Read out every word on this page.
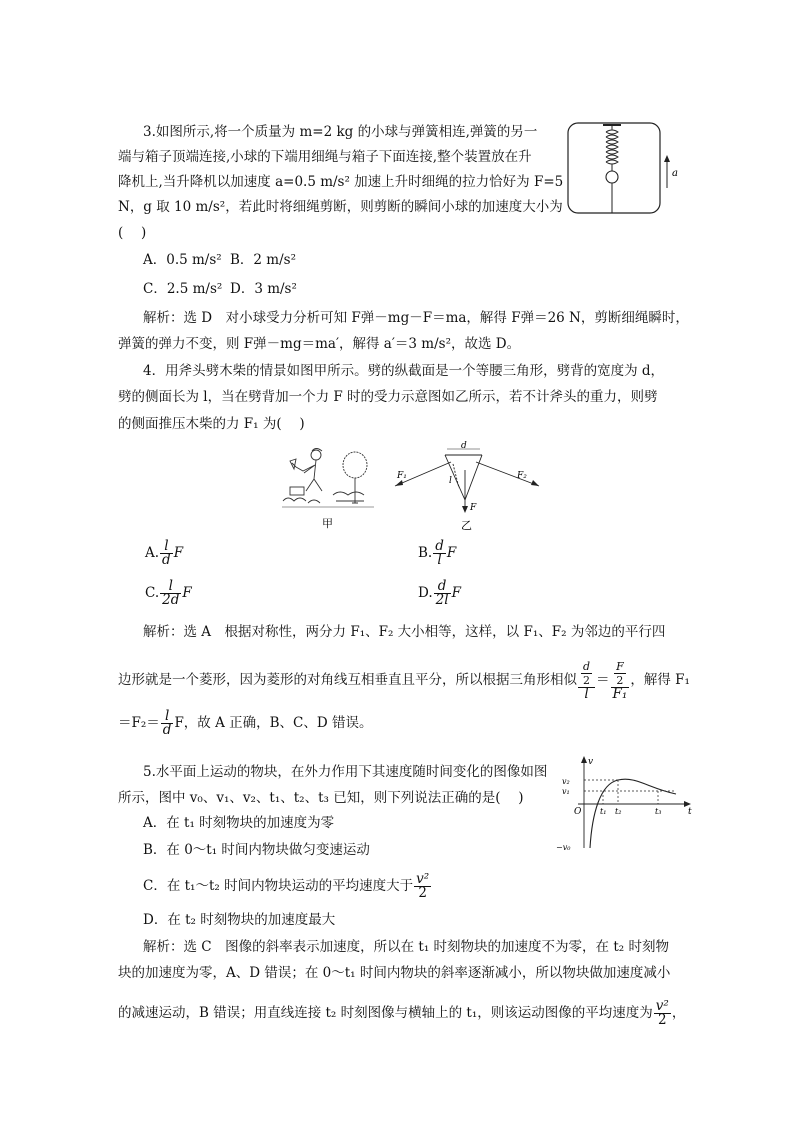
3.如图所示,将一个质量为 m=2 kg 的小球与弹簧相连,弹簧的另一
端与箱子顶端连接,小球的下端用细绳与箱子下面连接,整个装置放在升
降机上,当升降机以加速度 a=0.5 m/s² 加速上升时细绳的拉力恰好为 F=5
N，g 取 10 m/s²，若此时将细绳剪断，则剪断的瞬间小球的加速度大小为
(　 )
A．0.5 m/s² B．2 m/s²
C．2.5 m/s² D．3 m/s²
解析：选 D　对小球受力分析可知 F弹－mg－F＝ma，解得 F弹＝26 N，剪断细绳瞬时，
弹簧的弹力不变，则 F弹－mg＝ma′，解得 a′＝3 m/s²，故选 D。
a
4．用斧头劈木柴的情景如图甲所示。劈的纵截面是一个等腰三角形，劈背的宽度为 d，
劈的侧面长为 l，当在劈背加一个力 F 时的受力示意图如乙所示，若不计斧头的重力，则劈
的侧面推压木柴的力 F₁ 为(　 )
甲
d
l
F
F₁	F₂
乙
A. $\frac{l}{d}$ F	B. $\frac{d}{l}$ F
C. $\frac{l}{2d}$ F	D. $\frac{d}{2l}$ F
解析：选 A　根据对称性，两分力 F₁、F₂ 大小相等，这样，以 F₁、F₂ 为邻边的平行四
边形就是一个菱形，因为菱形的对角线互相垂直且平分，所以根据三角形相似 $\frac{\frac{d}{2}}{l} = \frac{\frac{F}{2}}{\text{F₁}}$ ，解得 F₁
$=F_2= \frac{l}{d}$ F，故 A 正确，B、C、D 错误。
5.水平面上运动的物块，在外力作用下其速度随时间变化的图像如图
所示，图中 v₀、v₁、v₂、t₁、t₂、t₃ 已知，则下列说法正确的是(　 )
A．在 t₁ 时刻物块的加速度为零
B．在 0～t₁ 时间内物块做匀变速运动
C．在 t₁～t₂ 时间内物块运动的平均速度大于 $\frac{\text{v²}}{2}$
D．在 t₂ 时刻物块的加速度最大
解析：选 C　图像的斜率表示加速度，所以在 t₁ 时刻物块的加速度不为零，在 t₂ 时刻物
块的加速度为零，A、D 错误；在 0～t₁ 时间内物块的斜率逐渐减小，所以物块做加速度减小
的减速运动，B 错误；用直线连接 t₂ 时刻图像与横轴上的 t₁，则该运动图像的平均速度为 $\frac{\text{v²}}{2}$ ，
v
v₂
v₁
O t₁ t₂	t₃	t
−v₀
